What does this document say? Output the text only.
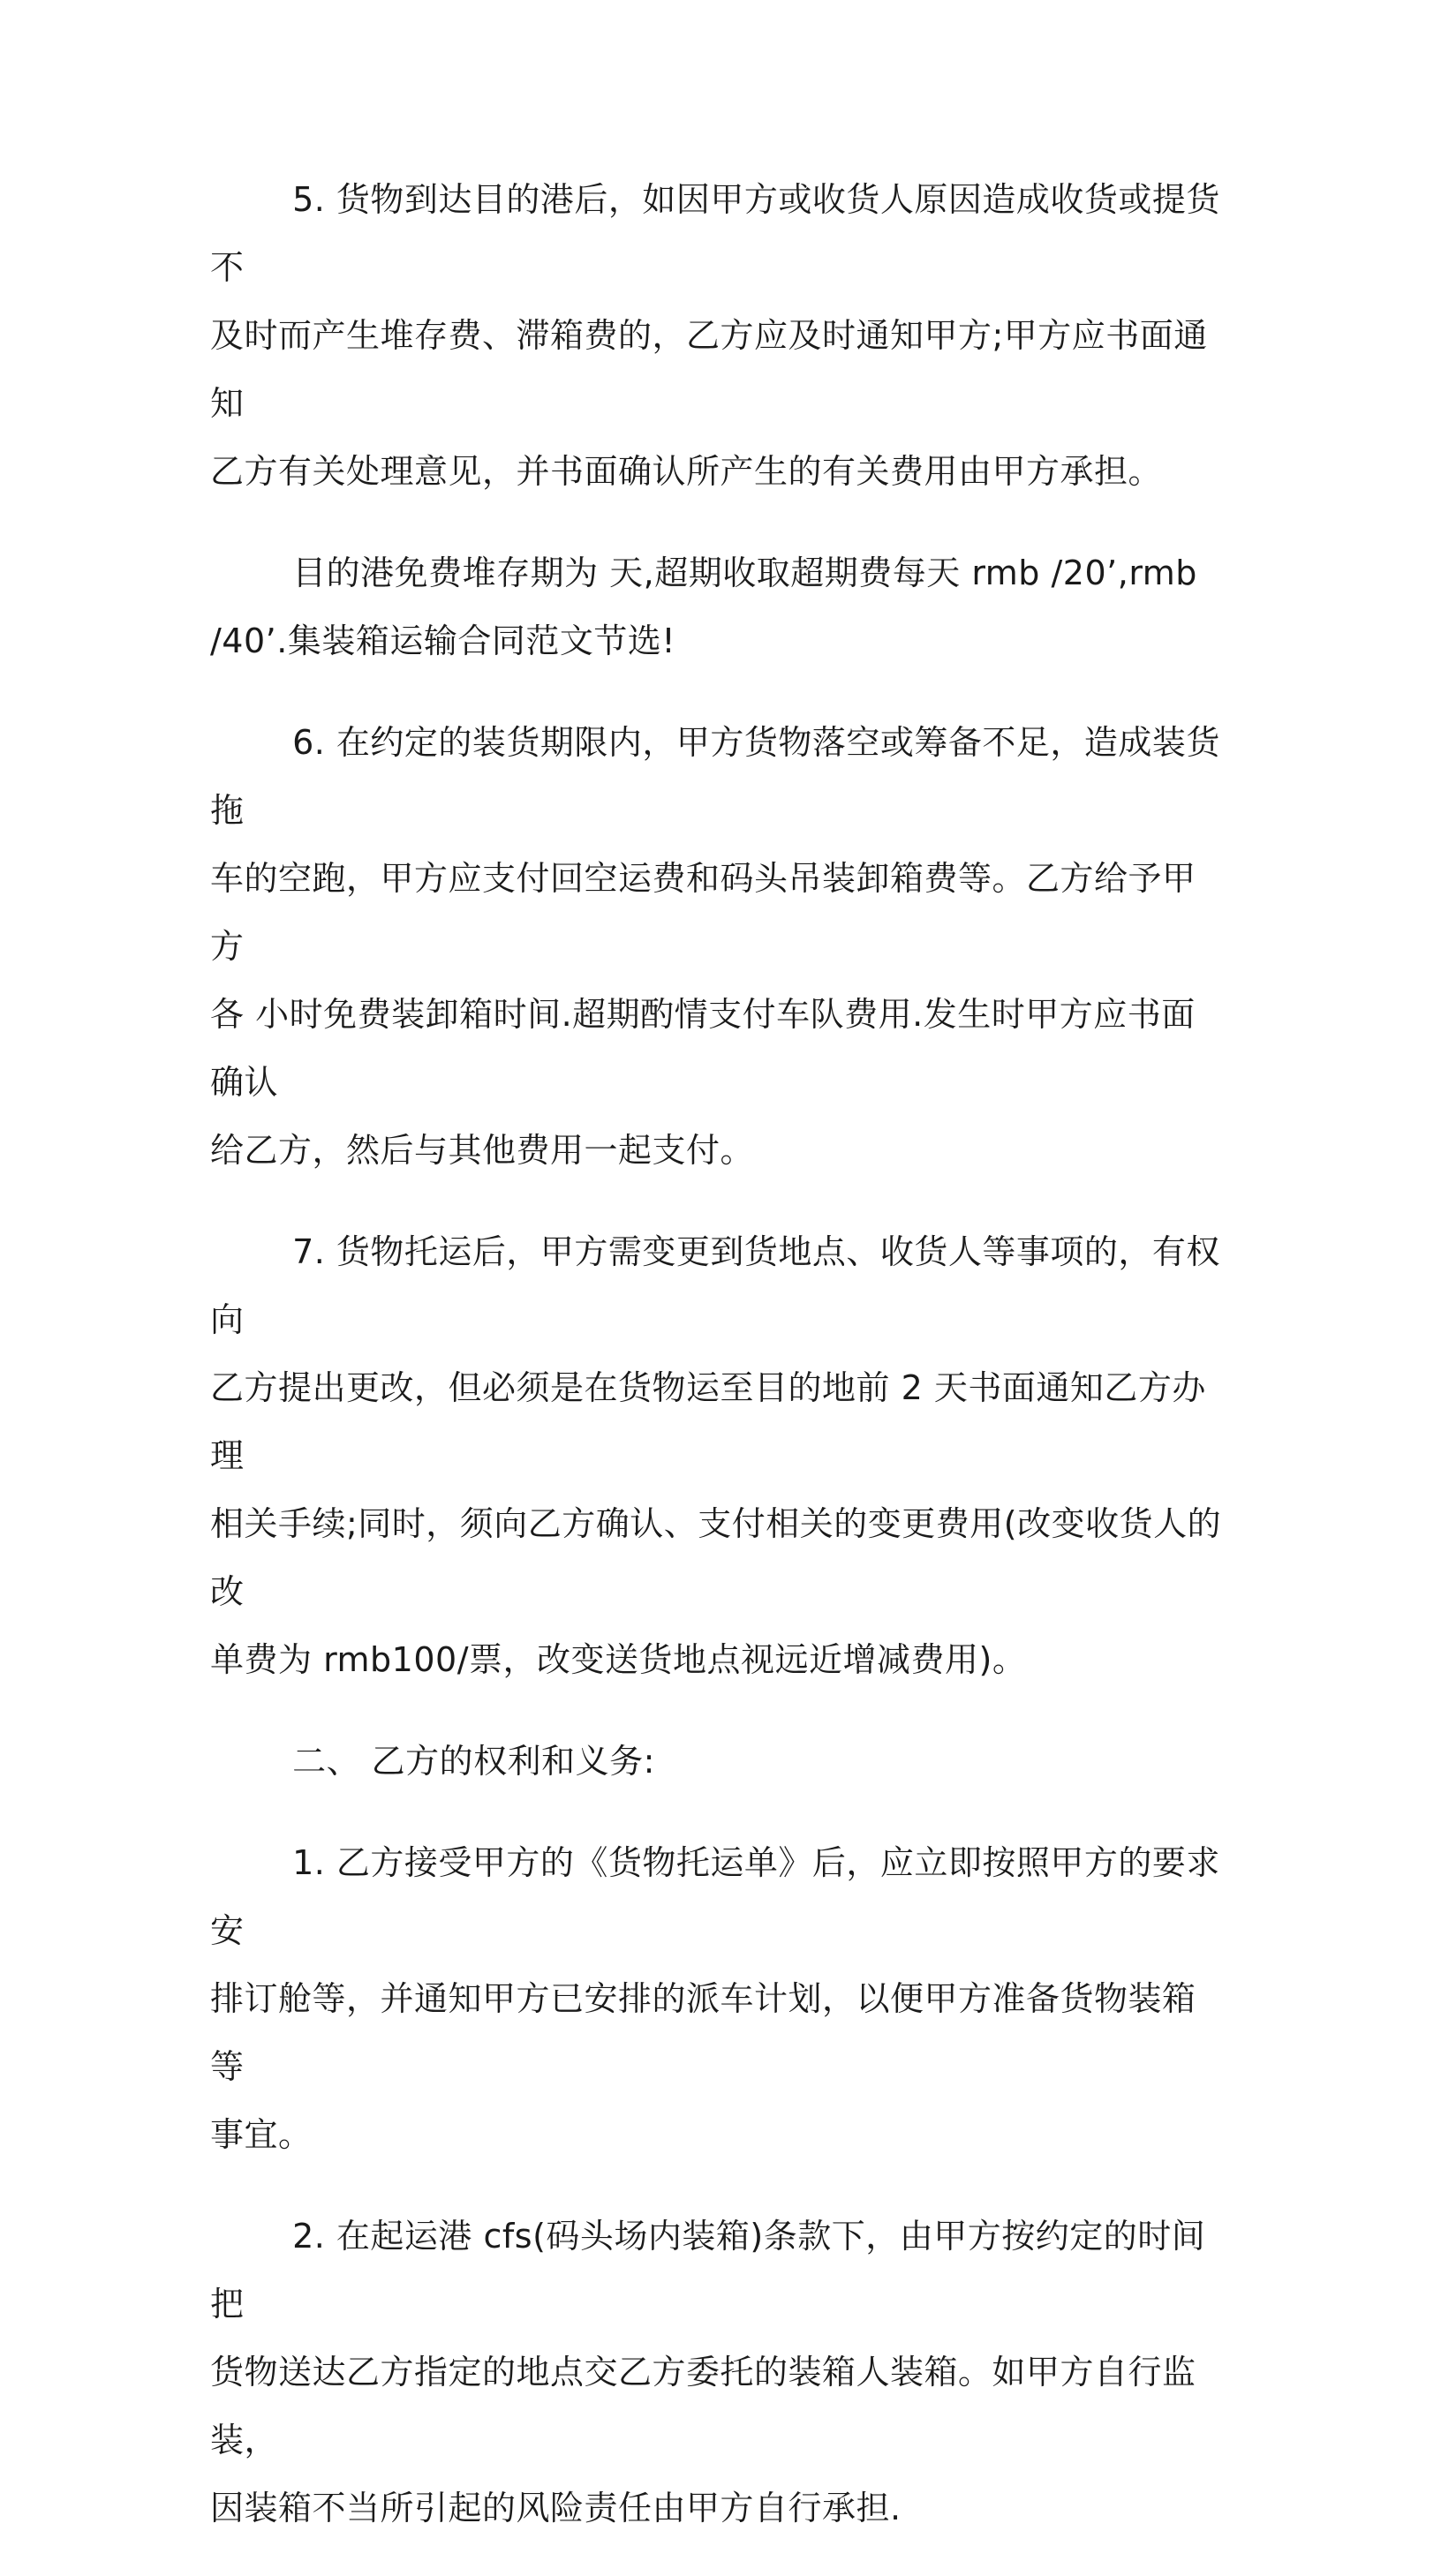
5. 货物到达目的港后，如因甲方或收货人原因造成收货或提货不
及时而产生堆存费、滞箱费的，乙方应及时通知甲方;甲方应书面通知
乙方有关处理意见，并书面确认所产生的有关费用由甲方承担。

目的港免费堆存期为 天,超期收取超期费每天 rmb /20’,rmb
/40’.集装箱运输合同范文节选!

6. 在约定的装货期限内，甲方货物落空或筹备不足，造成装货拖
车的空跑，甲方应支付回空运费和码头吊装卸箱费等。乙方给予甲方
各 小时免费装卸箱时间.超期酌情支付车队费用.发生时甲方应书面确认
给乙方，然后与其他费用一起支付。

7. 货物托运后，甲方需变更到货地点、收货人等事项的，有权向
乙方提出更改，但必须是在货物运至目的地前 2 天书面通知乙方办理
相关手续;同时，须向乙方确认、支付相关的变更费用(改变收货人的改
单费为 rmb100/票，改变送货地点视远近增减费用)。

二、 乙方的权利和义务:

1. 乙方接受甲方的《货物托运单》后，应立即按照甲方的要求安
排订舱等，并通知甲方已安排的派车计划，以便甲方准备货物装箱等
事宜。

2. 在起运港 cfs(码头场内装箱)条款下，由甲方按约定的时间把
货物送达乙方指定的地点交乙方委托的装箱人装箱。如甲方自行监装，
因装箱不当所引起的风险责任由甲方自行承担.
